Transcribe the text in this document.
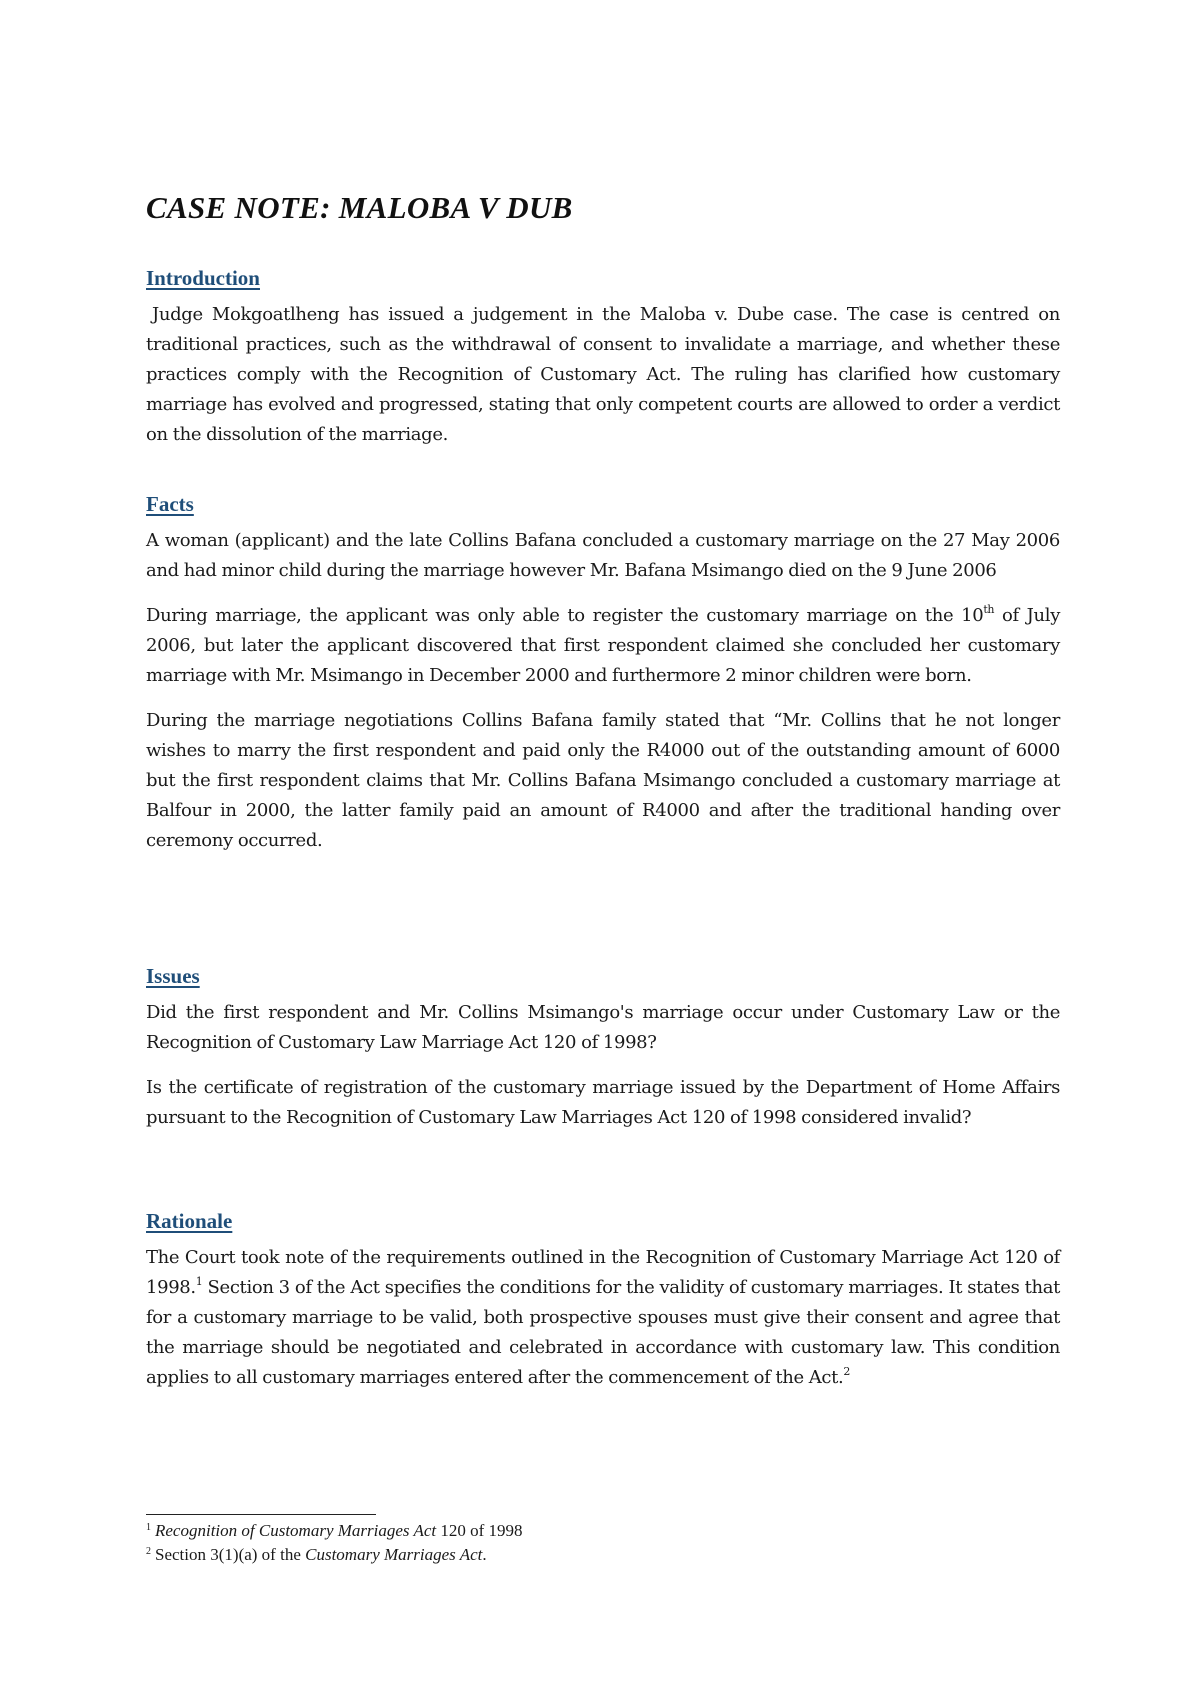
CASE NOTE: MALOBA V DUB
Introduction

Judge Mokgoatlheng has issued a judgement in the Maloba v. Dube case. The case is centred on traditional practices, such as the withdrawal of consent to invalidate a marriage, and whether these practices comply with the Recognition of Customary Act. The ruling has clarified how customary marriage has evolved and progressed, stating that only competent courts are allowed to order a verdict on the dissolution of the marriage.

Facts

A woman (applicant) and the late Collins Bafana concluded a customary marriage on the 27 May 2006 and had minor child during the marriage however Mr. Bafana Msimango died on the 9 June 2006

During marriage, the applicant was only able to register the customary marriage on the 10th of July 2006, but later the applicant discovered that first respondent claimed she concluded her customary marriage with Mr. Msimango in December 2000 and furthermore 2 minor children were born.

During the marriage negotiations Collins Bafana family stated that “Mr. Collins that he not longer wishes to marry the first respondent and paid only the R4000 out of the outstanding amount of 6000 but the first respondent claims that Mr. Collins Bafana Msimango concluded a customary marriage at Balfour in 2000, the latter family paid an amount of R4000 and after the traditional handing over ceremony occurred.

Issues

Did the first respondent and Mr. Collins Msimango's marriage occur under Customary Law or the Recognition of Customary Law Marriage Act 120 of 1998?

Is the certificate of registration of the customary marriage issued by the Department of Home Affairs pursuant to the Recognition of Customary Law Marriages Act 120 of 1998 considered invalid?

Rationale

The Court took note of the requirements outlined in the Recognition of Customary Marriage Act 120 of 1998.$^1$ Section 3 of the Act specifies the conditions for the validity of customary marriages. It states that for a customary marriage to be valid, both prospective spouses must give their consent and agree that the marriage should be negotiated and celebrated in accordance with customary law. This condition applies to all customary marriages entered after the commencement of the Act.$^2$

$^1$ Recognition of Customary Marriages Act 120 of 1998

$^2$ Section 3(1)(a) of the Customary Marriages Act.
